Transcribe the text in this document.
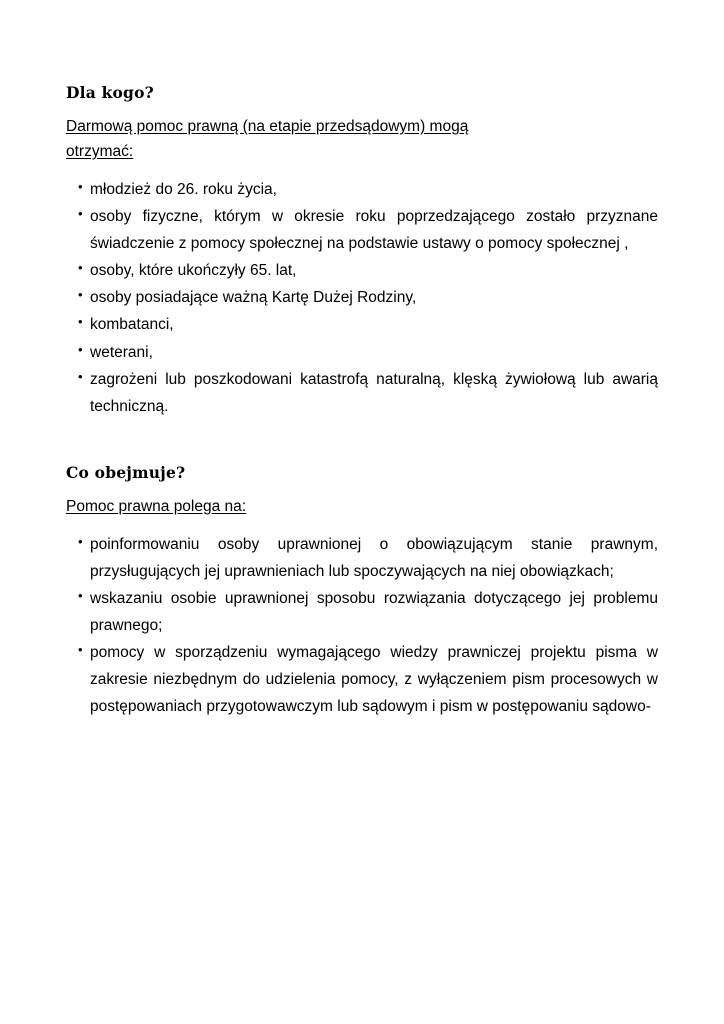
Dla kogo?

Darmową pomoc prawną (na etapie przedsądowym) mogą
otrzymać:

• młodzież do 26. roku życia,
• osoby fizyczne, którym w okresie roku poprzedzającego zostało przyznane świadczenie z pomocy społecznej na podstawie ustawy o pomocy społecznej ,
• osoby, które ukończyły 65. lat,
• osoby posiadające ważną Kartę Dużej Rodziny,
• kombatanci,
• weterani,
• zagrożeni lub poszkodowani katastrofą naturalną, klęską żywiołową lub awarią techniczną.
Co obejmuje?

Pomoc prawna polega na:

• poinformowaniu osoby uprawnionej o obowiązującym stanie prawnym, przysługujących jej uprawnieniach lub spoczywających na niej obowiązkach;
• wskazaniu osobie uprawnionej sposobu rozwiązania dotyczącego jej problemu prawnego;
• pomocy w sporządzeniu wymagającego wiedzy prawniczej projektu pisma w zakresie niezbędnym do udzielenia pomocy, z wyłączeniem pism procesowych w postępowaniach przygotowawczym lub sądowym i pism w postępowaniu sądowo-
